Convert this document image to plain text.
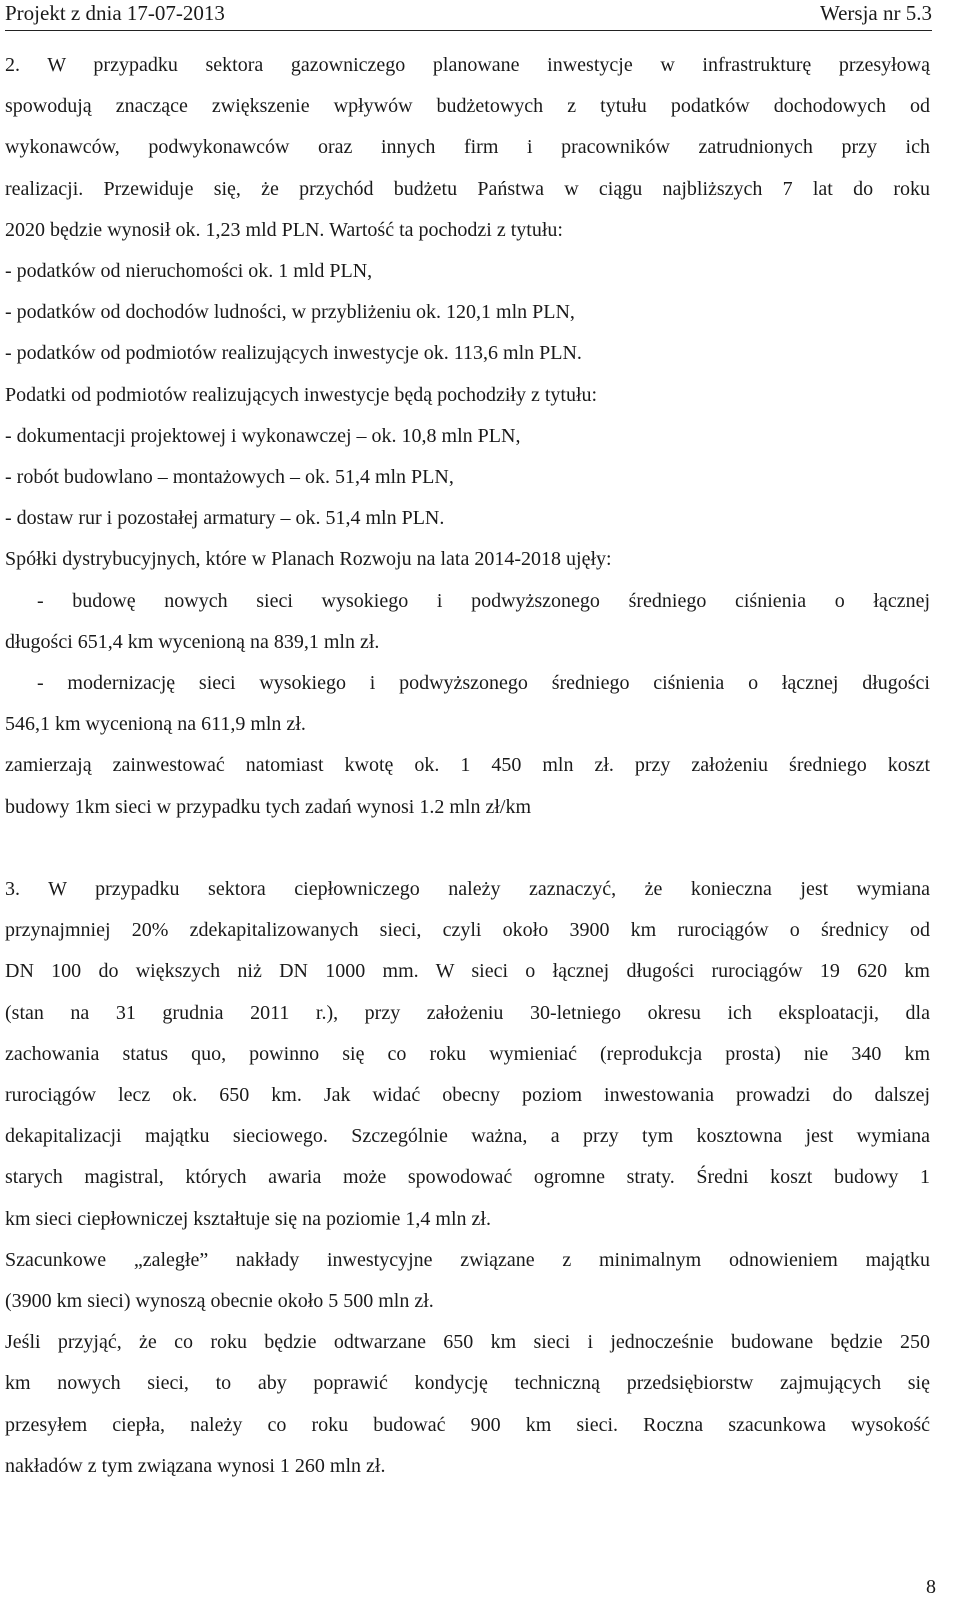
Projekt z dnia 17-07-2013	Wersja nr 5.3
2. W przypadku sektora gazowniczego planowane inwestycje w infrastrukturę przesyłową
spowodują znaczące zwiększenie wpływów budżetowych z tytułu podatków dochodowych od
wykonawców, podwykonawców oraz innych firm i pracowników zatrudnionych przy ich
realizacji. Przewiduje się, że przychód budżetu Państwa w ciągu najbliższych 7 lat do roku
2020 będzie wynosił ok. 1,23 mld PLN. Wartość ta pochodzi z tytułu:
- podatków od nieruchomości ok. 1 mld PLN,
- podatków od dochodów ludności, w przybliżeniu ok. 120,1 mln PLN,
- podatków od podmiotów realizujących inwestycje ok. 113,6 mln PLN.
Podatki od podmiotów realizujących inwestycje będą pochodziły z tytułu:
- dokumentacji projektowej i wykonawczej – ok. 10,8 mln PLN,
- robót budowlano – montażowych – ok. 51,4 mln PLN,
- dostaw rur i pozostałej armatury – ok. 51,4 mln PLN.
Spółki dystrybucyjnych, które w Planach Rozwoju na lata 2014-2018 ujęły:
- budowę nowych sieci wysokiego i podwyższonego średniego ciśnienia o łącznej
długości 651,4 km wycenioną na 839,1 mln zł.
- modernizację sieci wysokiego i podwyższonego średniego ciśnienia o łącznej długości
546,1 km wycenioną na 611,9 mln zł.
zamierzają zainwestować natomiast kwotę ok. 1 450 mln zł. przy założeniu średniego koszt
budowy 1km sieci w przypadku tych zadań wynosi 1.2 mln zł/km
3. W przypadku sektora ciepłowniczego należy zaznaczyć, że konieczna jest wymiana
przynajmniej 20% zdekapitalizowanych sieci, czyli około 3900 km rurociągów o średnicy od
DN 100 do większych niż DN 1000 mm. W sieci o łącznej długości rurociągów 19 620 km
(stan na 31 grudnia 2011 r.), przy założeniu 30-letniego okresu ich eksploatacji, dla
zachowania status quo, powinno się co roku wymieniać (reprodukcja prosta) nie 340 km
rurociągów lecz ok. 650 km. Jak widać obecny poziom inwestowania prowadzi do dalszej
dekapitalizacji majątku sieciowego. Szczególnie ważna, a przy tym kosztowna jest wymiana
starych magistral, których awaria może spowodować ogromne straty. Średni koszt budowy 1
km sieci ciepłowniczej kształtuje się na poziomie 1,4 mln zł.
Szacunkowe „zaległe” nakłady inwestycyjne związane z minimalnym odnowieniem majątku
(3900 km sieci) wynoszą obecnie około 5 500 mln zł.
Jeśli przyjąć, że co roku będzie odtwarzane 650 km sieci i jednocześnie budowane będzie 250
km nowych sieci, to aby poprawić kondycję techniczną przedsiębiorstw zajmujących się
przesyłem ciepła, należy co roku budować 900 km sieci. Roczna szacunkowa wysokość
nakładów z tym związana wynosi 1 260 mln zł.
8
